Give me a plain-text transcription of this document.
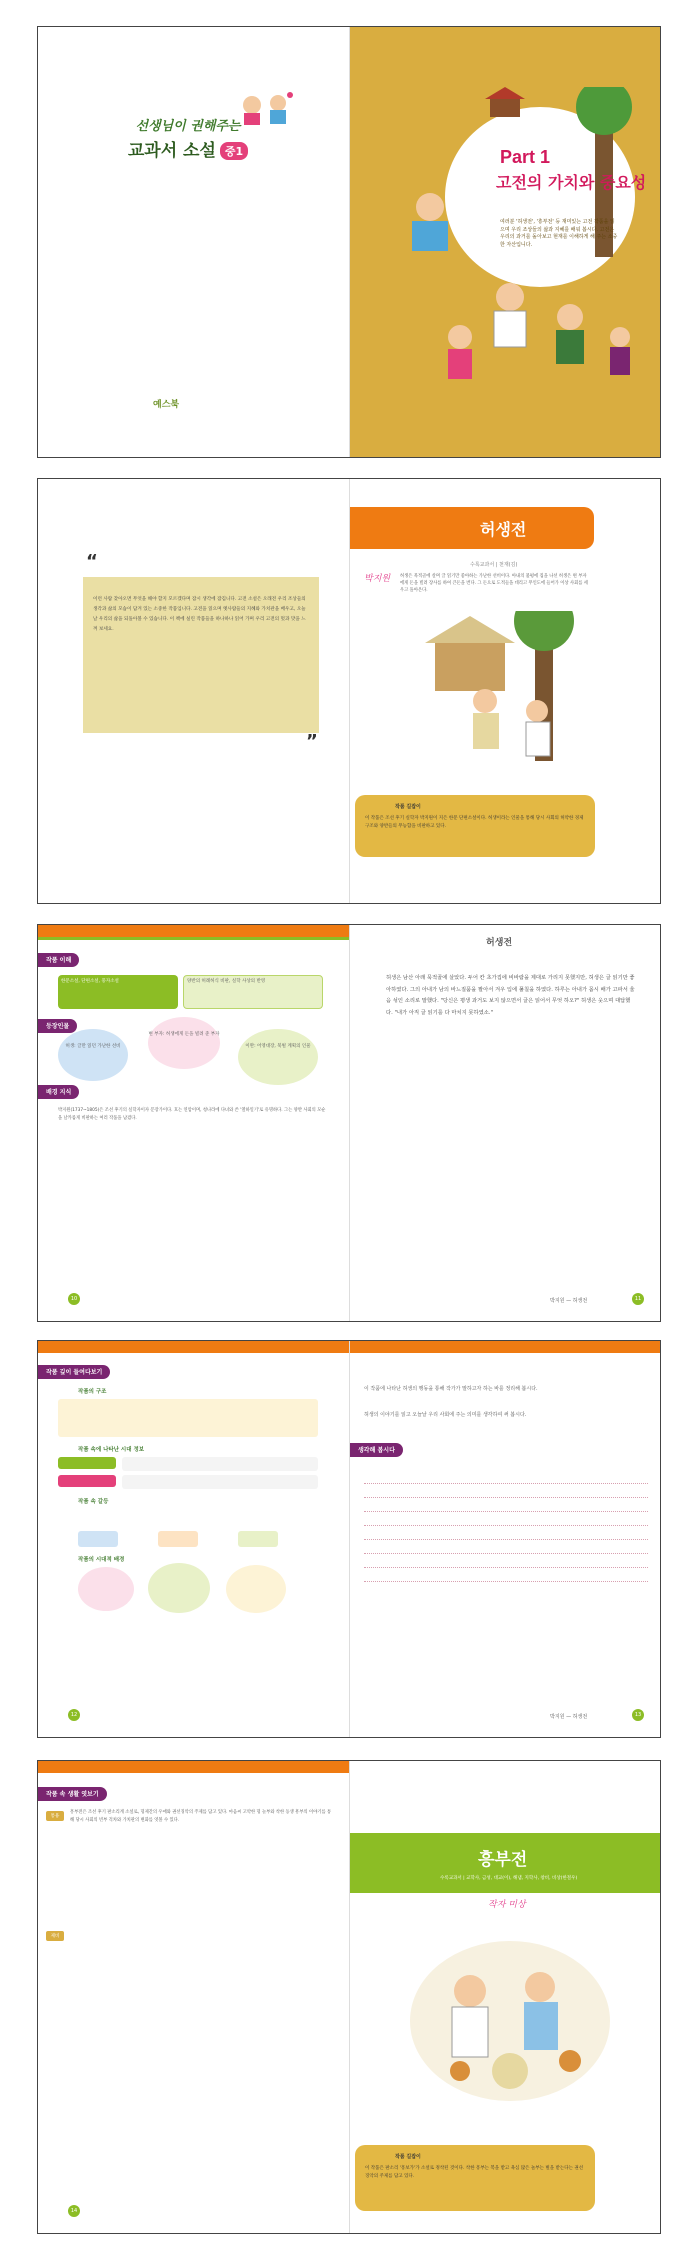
선생님이 권해주는
교과서 소설 중1
예스북
Part 1
고전의 가치와 중요성
여러분 '허생전', '흥부전' 등 재미있는 고전 작품을 읽으며 우리 조상들의 삶과 지혜를 배워 봅시다. 고전은 우리의 과거를 돌아보고 현재를 이해하게 해 주는 소중한 자산입니다.
“
이런 사람 찾아오면 무엇을 해야 할지 모르겠다며 잠시 생각에 잠깁니다. 고전 소설은 오래전 우리 조상들의 생각과 삶의 모습이 담겨 있는 소중한 작품입니다. 고전을 읽으며 옛사람들의 지혜와 가치관을 배우고, 오늘날 우리의 삶을 되돌아볼 수 있습니다. 이 책에 실린 작품들을 하나하나 읽어 가며 우리 고전의 멋과 맛을 느껴 보세요.
”
허생전
수록교과서 | 천재(김)
박지원 허생은 묵적골에 살며 글 읽기만 좋아하는 가난한 선비이다. 아내의 불평에 집을 나선 허생은 변 부자에게 돈을 빌려 장사를 하여 큰돈을 번다. 그 돈으로 도적들을 데리고 무인도에 들어가 이상 사회를 세우고 돌아온다.
작품 길잡이
이 작품은 조선 후기 실학자 박지원이 지은 한문 단편소설이다. 허생이라는 인물을 통해 당시 사회의 허약한 경제 구조와 양반들의 무능함을 비판하고 있다.
작품 이해
한문소설, 단편소설, 풍자소설	양반의 허례허식 비판, 실학 사상의 반영
등장인물
허생: 글만 읽던 가난한 선비
변 부자: 허생에게 돈을 빌려 준 부자
이완: 어영대장, 북벌 계획의 인물
배경 지식
박지원(1737~1805)은 조선 후기의 실학자이자 문장가이다. 호는 연암이며, 청나라에 다녀와 쓴 '열하일기'로 유명하다. 그는 양반 사회의 모순을 날카롭게 비판하는 여러 작품을 남겼다.
10
허생전
허생은 남산 아래 묵적골에 살았다. 두어 칸 초가집에 비바람을 제대로 가리지 못했지만, 허생은 글 읽기만 좋아하였다. 그의 아내가 남의 바느질품을 팔아서 겨우 입에 풀칠을 하였다. 하루는 아내가 몹시 배가 고파서 울음 섞인 소리로 말했다. "당신은 평생 과거도 보지 않으면서 글은 읽어서 무엇 하오?" 허생은 웃으며 대답했다. "내가 아직 글 읽기를 다 마치지 못하였소."
박지원 — 허생전	11
작품 깊이 들여다보기
작품의 구조
작품 속에 나타난 시대 정보
작품 속 갈등
작품의 시대적 배경
12
이 작품에 나타난 허생의 행동을 통해 작가가 말하고자 하는 바를 정리해 봅시다.
허생의 이야기를 읽고 오늘날 우리 사회에 주는 의미를 생각하여 써 봅시다.
생각해 봅시다
박지원 — 허생전	13
작품 속 생활 엿보기
통용
제비
흥부전은 조선 후기 판소리계 소설로, 형제간의 우애와 권선징악의 주제를 담고 있다. 마음씨 고약한 형 놀부와 착한 동생 흥부의 이야기를 통해 당시 사회의 빈부 격차와 가치관의 변화를 엿볼 수 있다.
14
흥부전
수록교과서 | 교학사, 금성, 대교(이), 해냄, 지학사, 창비, 비상(한철우)
작자 미상
작품 길잡이
이 작품은 판소리 '흥보가'가 소설로 정착된 것이다. 착한 흥부는 복을 받고 욕심 많은 놀부는 벌을 받는다는 권선징악의 주제를 담고 있다.
